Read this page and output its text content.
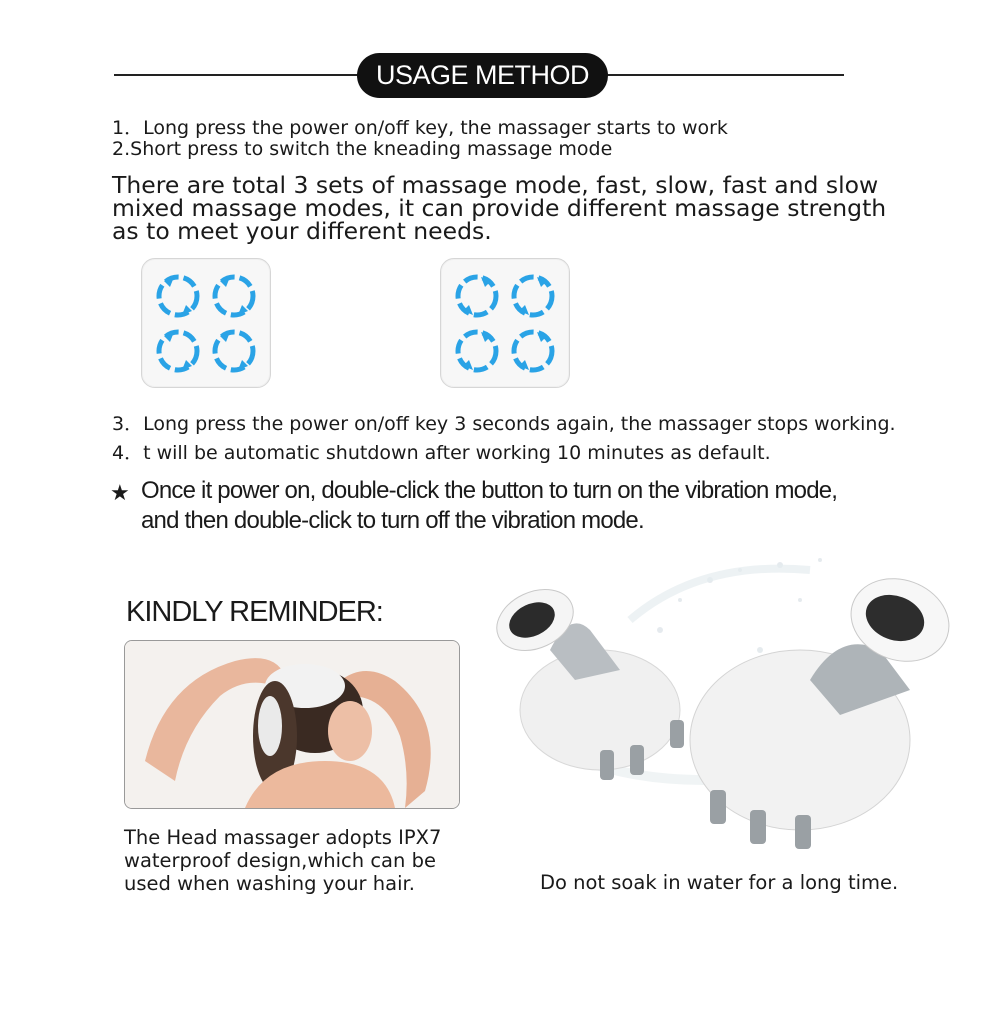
USAGE METHOD
1．Long press the power on/off key, the massager starts to work
2.Short press to switch the kneading massage mode
There are total 3 sets of massage mode, fast, slow, fast and slow
mixed massage modes, it can provide different massage strength
as to meet your different needs.
3．Long press the power on/off key 3 seconds again, the massager stops working.
4．t will be automatic shutdown after working 10 minutes as default.
★ Once it power on, double-click the button to turn on the vibration mode,
and then double-click to turn off the vibration mode.
KINDLY REMINDER:
The Head massager adopts IPX7
waterproof design,which can be
used when washing your hair.	Do not soak in water for a long time.
